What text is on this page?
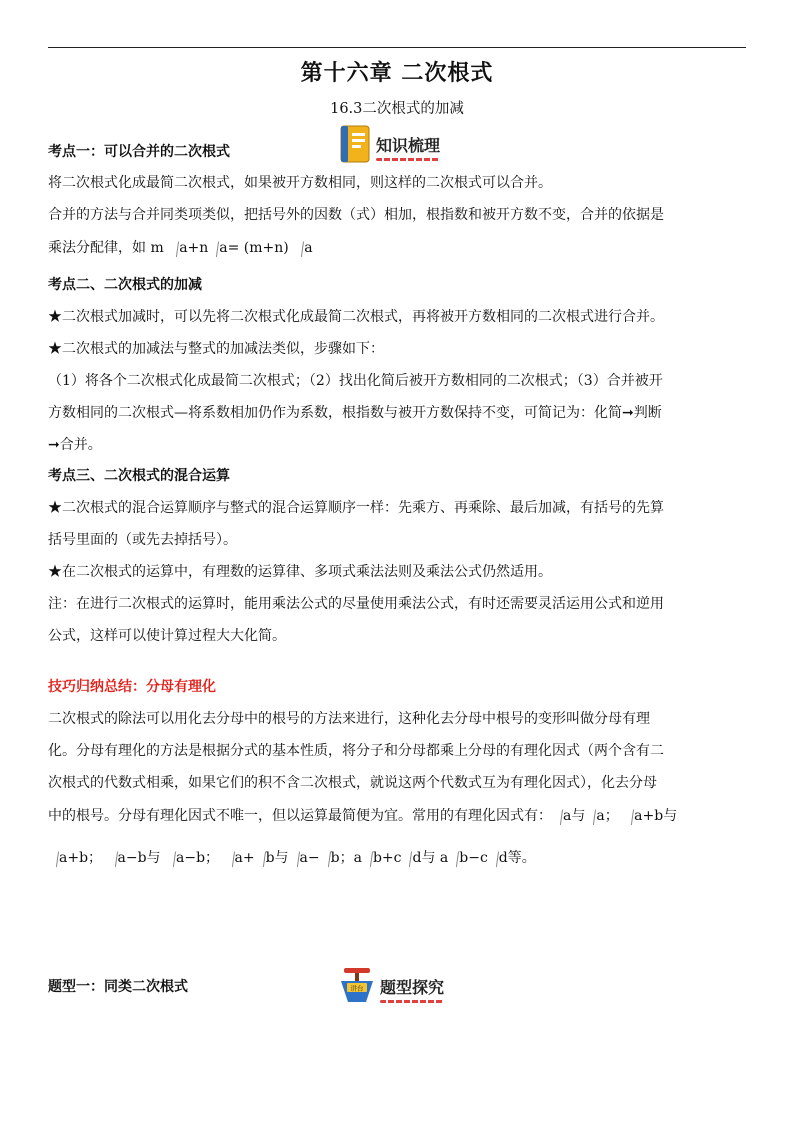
第十六章 二次根式
16.3二次根式的加减
知识梳理
考点一：可以合并的二次根式
将二次根式化成最简二次根式，如果被开方数相同，则这样的二次根式可以合并。
合并的方法与合并同类项类似，把括号外的因数（式）相加，根指数和被开方数不变，合并的依据是
乘法分配律，如 m a+na= (m+n) a
考点二、二次根式的加减
★二次根式加减时，可以先将二次根式化成最简二次根式，再将被开方数相同的二次根式进行合并。
★二次根式的加减法与整式的加减法类似，步骤如下：
（1）将各个二次根式化成最简二次根式；（2）找出化简后被开方数相同的二次根式；（3）合并被开
方数相同的二次根式—将系数相加仍作为系数，根指数与被开方数保持不变，可简记为：化简➞判断
➞合并。
考点三、二次根式的混合运算
★二次根式的混合运算顺序与整式的混合运算顺序一样：先乘方、再乘除、最后加减，有括号的先算
括号里面的（或先去掉括号）。
★在二次根式的运算中，有理数的运算律、多项式乘法法则及乘法公式仍然适用。
注：在进行二次根式的运算时，能用乘法公式的尽量使用乘法公式，有时还需要灵活运用公式和逆用
公式，这样可以使计算过程大大化简。
技巧归纳总结：分母有理化
二次根式的除法可以用化去分母中的根号的方法来进行，这种化去分母中根号的变形叫做分母有理
化。分母有理化的方法是根据分式的基本性质，将分子和分母都乘上分母的有理化因式（两个含有二
次根式的代数式相乘，如果它们的积不含二次根式，就说这两个代数式互为有理化因式），化去分母
中的根号。分母有理化因式不唯一，但以运算最简便为宜。常用的有理化因式有： a与 a； a+b与
a+b； a−b与 a−b； a+ b与 a− b；a b+c d与 a b−c d等。
题型一：同类二次根式	讲台 题型探究
